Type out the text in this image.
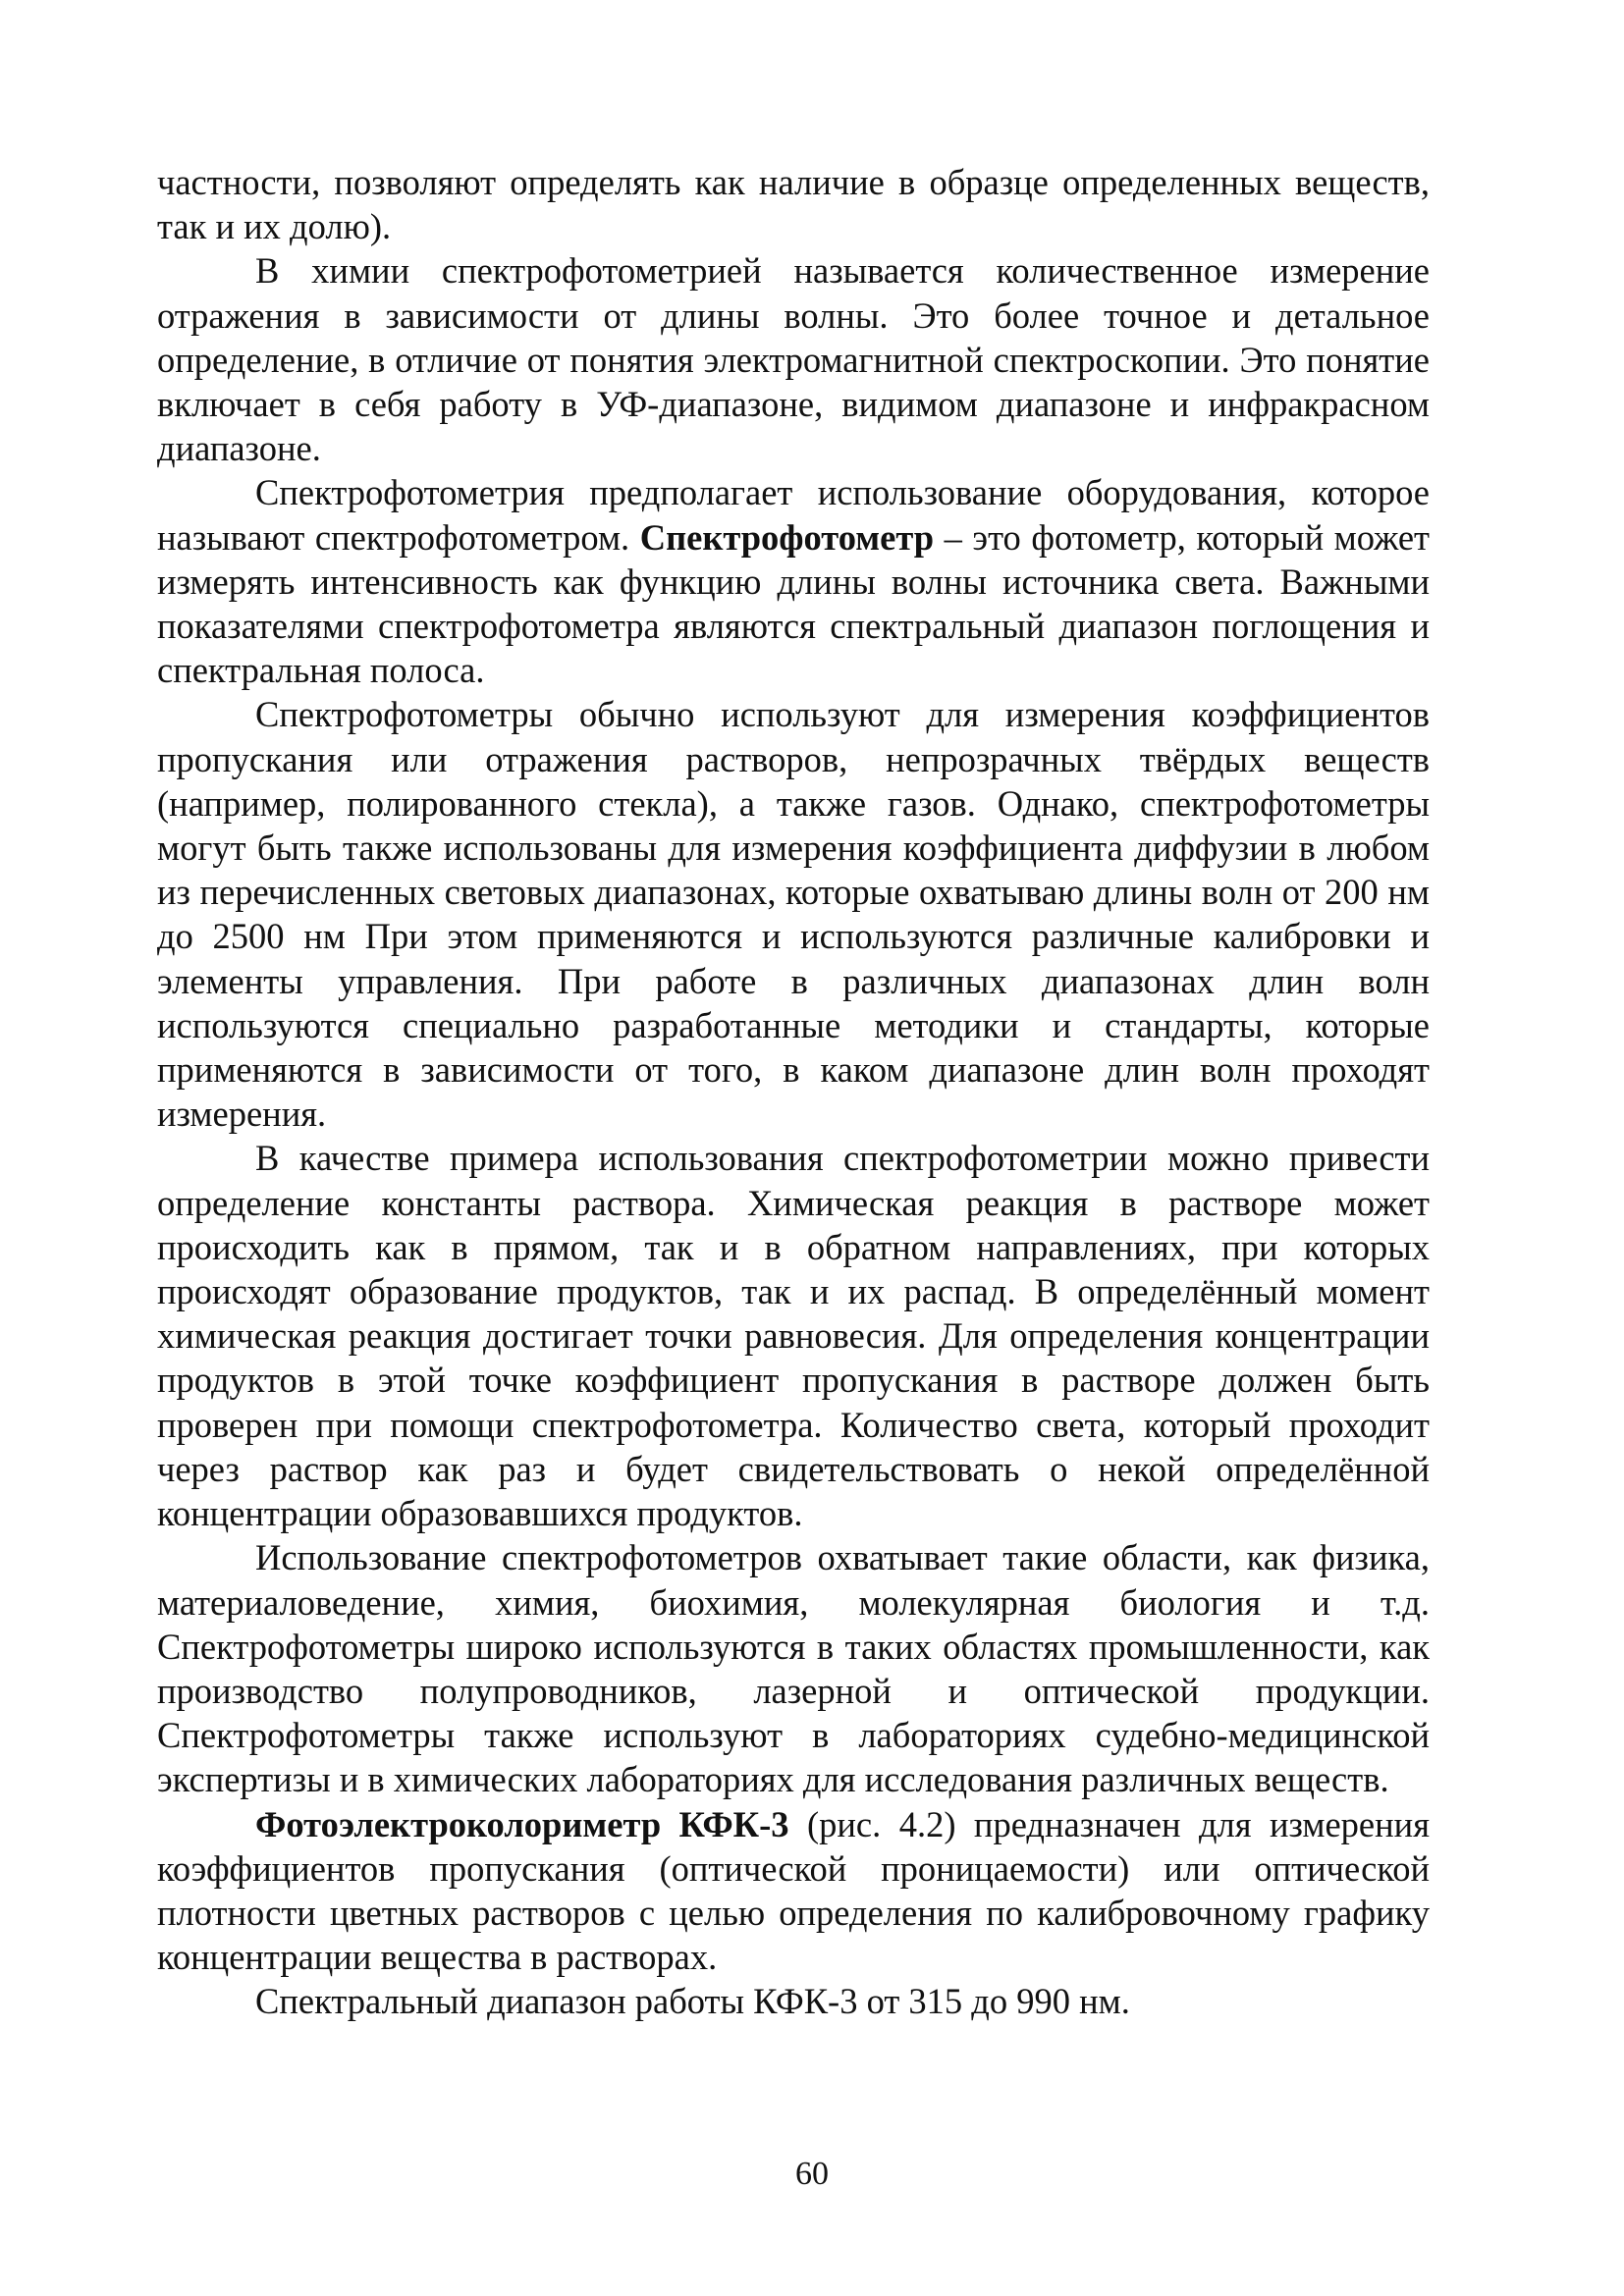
частности, позволяют определять как наличие в образце определенных веществ, так и их долю).

В химии спектрофотометрией называется количественное измерение отражения в зависимости от длины волны. Это более точное и детальное определение, в отличие от понятия электромагнитной спектроскопии. Это понятие включает в себя работу в УФ-диапазоне, видимом диапазоне и инфракрасном диапазоне.

Спектрофотометрия предполагает использование оборудования, которое называют спектрофотометром. Спектрофотометр – это фотометр, который может измерять интенсивность как функцию длины волны источника света. Важными показателями спектрофотометра являются спектральный диапазон поглощения и спектральная полоса.

Спектрофотометры обычно используют для измерения коэффициентов пропускания или отражения растворов, непрозрачных твёрдых веществ (например, полированного стекла), а также газов. Однако, спектрофотометры могут быть также использованы для измерения коэффициента диффузии в любом из перечисленных световых диапазонах, которые охватываю длины волн от 200 нм до 2500 нм При этом применяются и используются различные калибровки и элементы управления. При работе в различных диапазонах длин волн используются специально разработанные методики и стандарты, которые применяются в зависимости от того, в каком диапазоне длин волн проходят измерения.

В качестве примера использования спектрофотометрии можно привести определение константы раствора. Химическая реакция в растворе может происходить как в прямом, так и в обратном направлениях, при которых происходят образование продуктов, так и их распад. В определённый момент химическая реакция достигает точки равновесия. Для определения концентрации продуктов в этой точке коэффициент пропускания в растворе должен быть проверен при помощи спектрофотометра. Количество света, который проходит через раствор как раз и будет свидетельствовать о некой определённой концентрации образовавшихся продуктов.

Использование спектрофотометров охватывает такие области, как физика, материаловедение, химия, биохимия, молекулярная биология и т.д. Спектрофотометры широко используются в таких областях промышленности, как производство полупроводников, лазерной и оптической продукции. Спектрофотометры также используют в лабораториях судебно-медицинской экспертизы и в химических лабораториях для исследования различных веществ.

Фотоэлектроколориметр КФК-3 (рис. 4.2) предназначен для измерения коэффициентов пропускания (оптической проницаемости) или оптической плотности цветных растворов с целью определения по калибровочному графику концентрации вещества в растворах.

Спектральный диапазон работы КФК-3 от 315 до 990 нм.

60
